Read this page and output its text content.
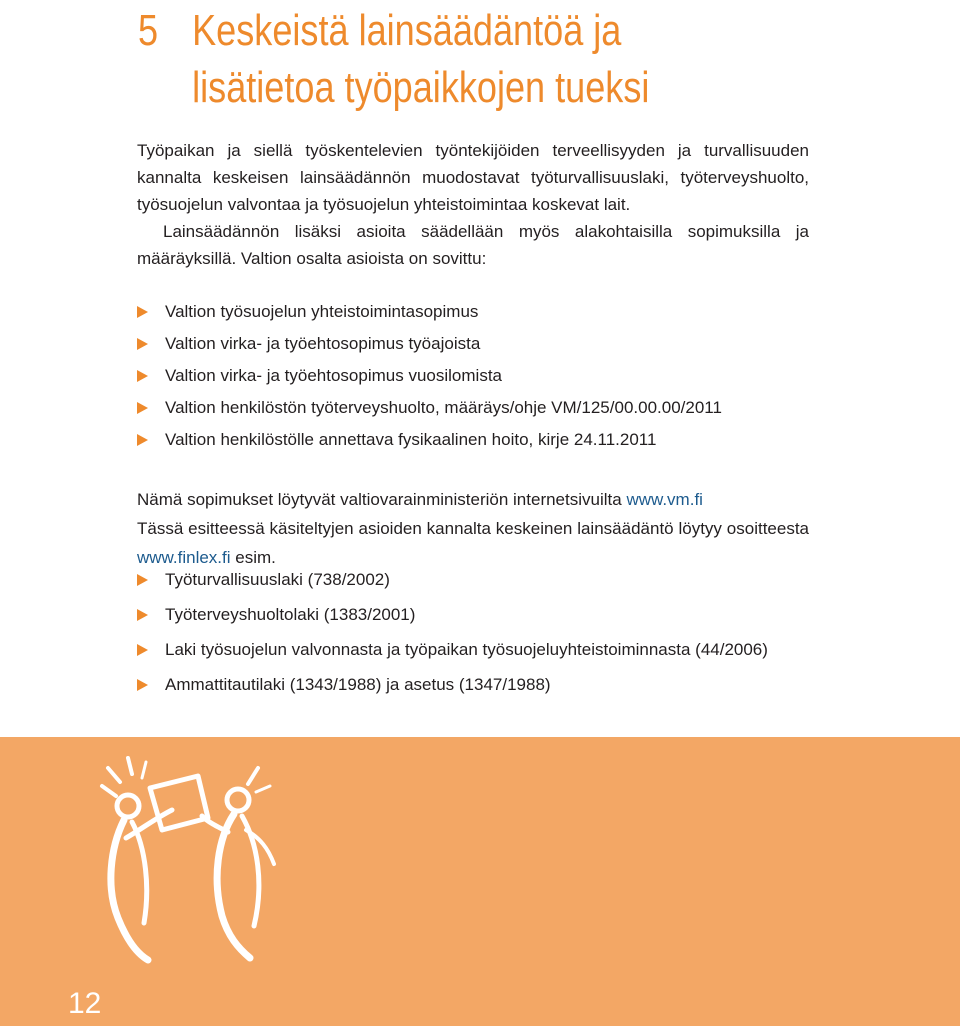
5 Keskeistä lainsäädäntöä ja
lisätietoa työpaikkojen tueksi

Työpaikan ja siellä työskentelevien työntekijöiden terveellisyyden ja turvallisuuden kannalta keskeisen lainsäädännön muodostavat työturvallisuuslaki, työterveyshuolto, työsuojelun valvontaa ja työsuojelun yhteistoimintaa koskevat lait.
Lainsäädännön lisäksi asioita säädellään myös alakohtaisilla sopimuksilla ja määräyksillä. Valtion osalta asioista on sovittu:

Valtion työsuojelun yhteistoimintasopimus
Valtion virka- ja työehtosopimus työajoista
Valtion virka- ja työehtosopimus vuosilomista
Valtion henkilöstön työterveyshuolto, määräys/ohje VM/125/00.00.00/2011
Valtion henkilöstölle annettava fysikaalinen hoito, kirje 24.11.2011

Nämä sopimukset löytyvät valtiovarainministeriön internetsivuilta www.vm.fi
Tässä esitteessä käsiteltyjen asioiden kannalta keskeinen lainsäädäntö löytyy osoitteesta www.finlex.fi esim.

Työturvallisuuslaki (738/2002)
Työterveyshuoltolaki (1383/2001)
Laki työsuojelun valvonnasta ja työpaikan työsuojeluyhteistoiminnasta (44/2006)
Ammattitautilaki (1343/1988) ja asetus (1347/1988)

12
